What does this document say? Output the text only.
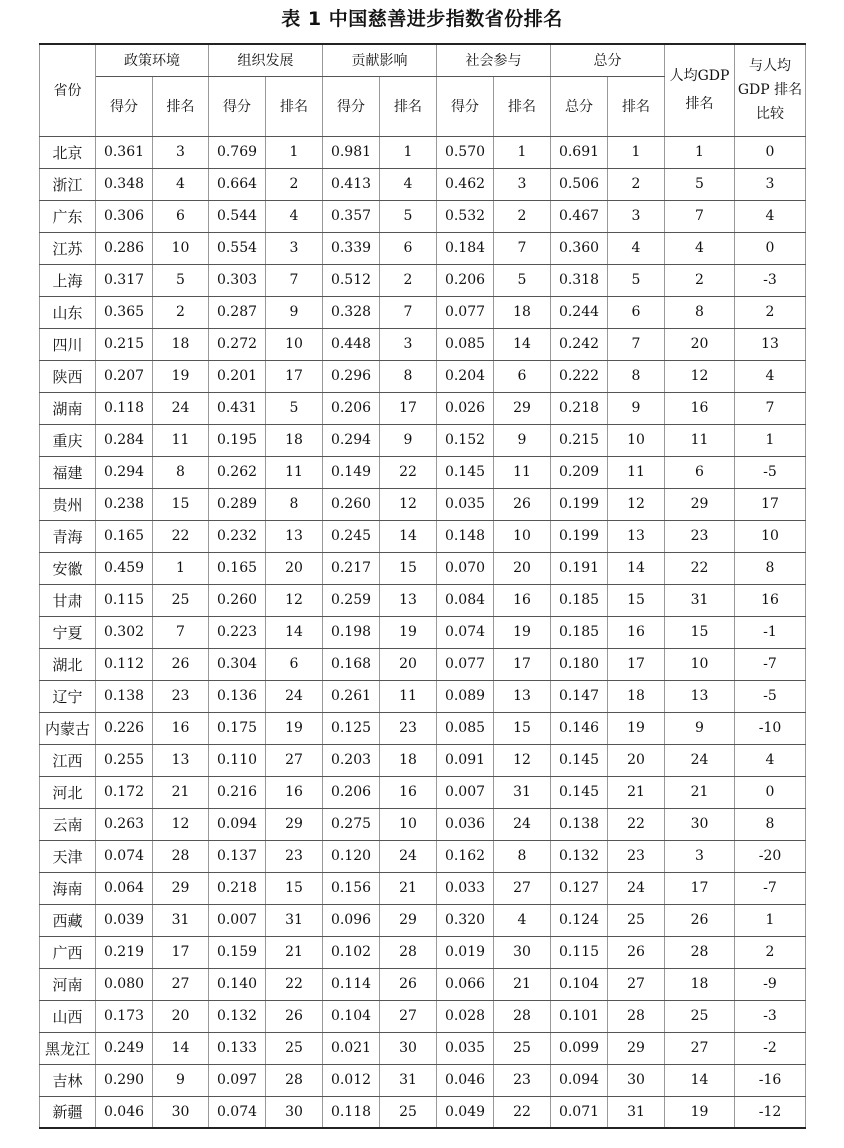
表 1 中国慈善进步指数省份排名
省份	政策环境		组织发展		贡献影响		社会参与		总分		人均GDP排名	与人均GDP 排名比较
	得分	排名	得分	排名	得分	排名	得分	排名	总分	排名		
北京	0.361	3	0.769	1	0.981	1	0.570	1	0.691	1	1	0
浙江	0.348	4	0.664	2	0.413	4	0.462	3	0.506	2	5	3
广东	0.306	6	0.544	4	0.357	5	0.532	2	0.467	3	7	4
江苏	0.286	10	0.554	3	0.339	6	0.184	7	0.360	4	4	0
上海	0.317	5	0.303	7	0.512	2	0.206	5	0.318	5	2	-3
山东	0.365	2	0.287	9	0.328	7	0.077	18	0.244	6	8	2
四川	0.215	18	0.272	10	0.448	3	0.085	14	0.242	7	20	13
陕西	0.207	19	0.201	17	0.296	8	0.204	6	0.222	8	12	4
湖南	0.118	24	0.431	5	0.206	17	0.026	29	0.218	9	16	7
重庆	0.284	11	0.195	18	0.294	9	0.152	9	0.215	10	11	1
福建	0.294	8	0.262	11	0.149	22	0.145	11	0.209	11	6	-5
贵州	0.238	15	0.289	8	0.260	12	0.035	26	0.199	12	29	17
青海	0.165	22	0.232	13	0.245	14	0.148	10	0.199	13	23	10
安徽	0.459	1	0.165	20	0.217	15	0.070	20	0.191	14	22	8
甘肃	0.115	25	0.260	12	0.259	13	0.084	16	0.185	15	31	16
宁夏	0.302	7	0.223	14	0.198	19	0.074	19	0.185	16	15	-1
湖北	0.112	26	0.304	6	0.168	20	0.077	17	0.180	17	10	-7
辽宁	0.138	23	0.136	24	0.261	11	0.089	13	0.147	18	13	-5
内蒙古	0.226	16	0.175	19	0.125	23	0.085	15	0.146	19	9	-10
江西	0.255	13	0.110	27	0.203	18	0.091	12	0.145	20	24	4
河北	0.172	21	0.216	16	0.206	16	0.007	31	0.145	21	21	0
云南	0.263	12	0.094	29	0.275	10	0.036	24	0.138	22	30	8
天津	0.074	28	0.137	23	0.120	24	0.162	8	0.132	23	3	-20
海南	0.064	29	0.218	15	0.156	21	0.033	27	0.127	24	17	-7
西藏	0.039	31	0.007	31	0.096	29	0.320	4	0.124	25	26	1
广西	0.219	17	0.159	21	0.102	28	0.019	30	0.115	26	28	2
河南	0.080	27	0.140	22	0.114	26	0.066	21	0.104	27	18	-9
山西	0.173	20	0.132	26	0.104	27	0.028	28	0.101	28	25	-3
黑龙江	0.249	14	0.133	25	0.021	30	0.035	25	0.099	29	27	-2
吉林	0.290	9	0.097	28	0.012	31	0.046	23	0.094	30	14	-16
新疆	0.046	30	0.074	30	0.118	25	0.049	22	0.071	31	19	-12
